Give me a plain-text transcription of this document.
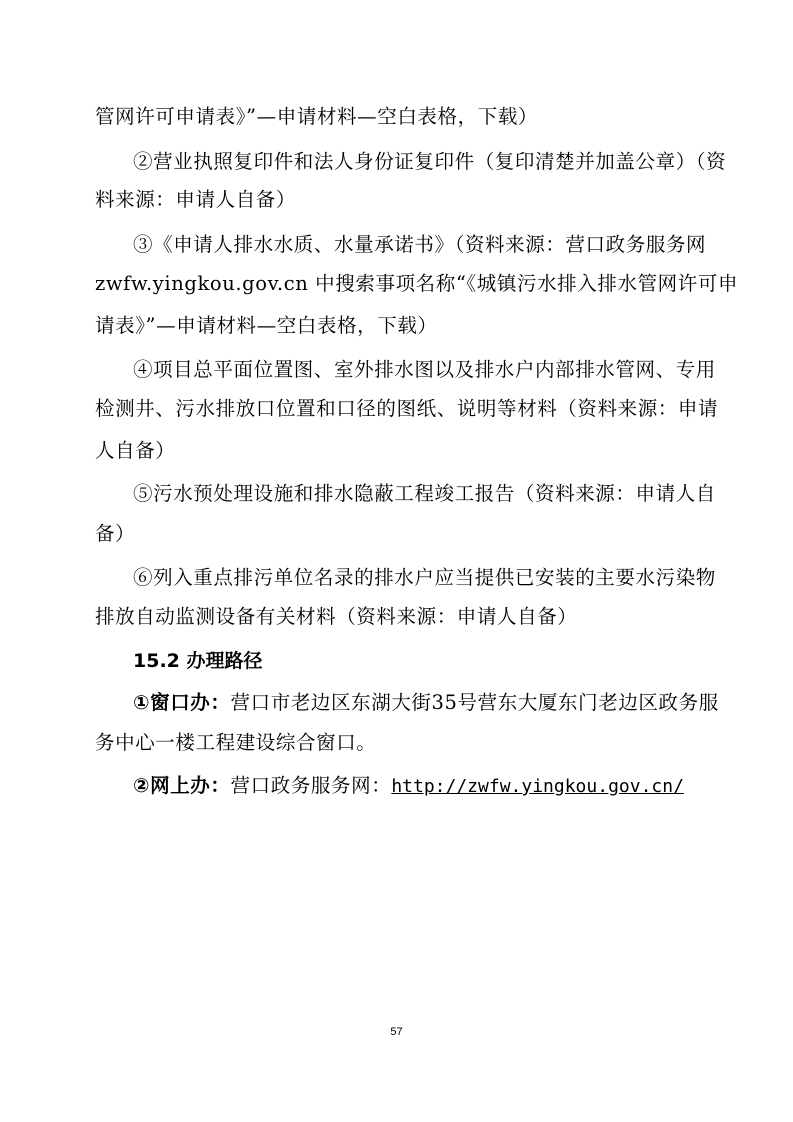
管网许可申请表》”—申请材料—空白表格，下载）
②营业执照复印件和法人身份证复印件（复印清楚并加盖公章）（资
料来源：申请人自备）
③《申请人排水水质、水量承诺书》（资料来源：营口政务服务网
zwfw.yingkou.gov.cn 中搜索事项名称“《城镇污水排入排水管网许可申
请表》”—申请材料—空白表格，下载）
④项目总平面位置图、室外排水图以及排水户内部排水管网、专用
检测井、污水排放口位置和口径的图纸、说明等材料（资料来源：申请
人自备）
⑤污水预处理设施和排水隐蔽工程竣工报告（资料来源：申请人自
备）
⑥列入重点排污单位名录的排水户应当提供已安装的主要水污染物
排放自动监测设备有关材料（资料来源：申请人自备）
15.2 办理路径
①窗口办：营口市老边区东湖大街35号营东大厦东门老边区政务服
务中心一楼工程建设综合窗口。
②网上办：营口政务服务网：http://zwfw.yingkou.gov.cn/
57
